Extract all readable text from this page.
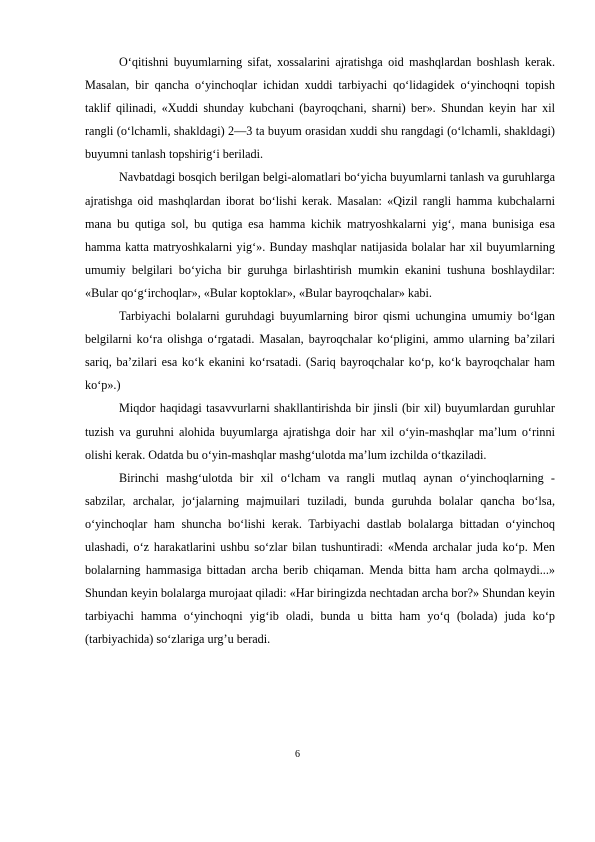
O‘qitishni buyumlarning sifat, xossalarini ajratishga oid mashqlardan boshlash kerak. Masalan, bir qancha o‘yinchoqlar ichidan xuddi tarbiyachi qo‘lidagidek o‘yinchoqni topish taklif qilinadi, «Xuddi shunday kubchani (bayroqchani, sharni) ber». Shundan keyin har xil rangli (o‘lchamli, shakldagi) 2—3 ta buyum orasidan xuddi shu rangdagi (o‘lchamli, shakldagi) buyumni tanlash topshirig‘i beriladi.

Navbatdagi bosqich berilgan belgi-alomatlari bo‘yicha buyumlarni tanlash va guruhlarga ajratishga oid mashqlardan iborat bo‘lishi kerak. Masalan: «Qizil rangli hamma kubchalarni mana bu qutiga sol, bu qutiga esa hamma kichik matryoshkalarni yig‘, mana bunisiga esa hamma katta matryoshkalarni yig‘». Bunday mashqlar natijasida bolalar har xil buyumlarning umumiy belgilari bo‘yicha bir guruhga birlashtirish mumkin ekanini tushuna boshlaydilar: «Bular qo‘g‘irchoqlar», «Bular koptoklar», «Bular bayroqchalar» kabi.

Tarbiyachi bolalarni guruhdagi buyumlarning biror qismi uchungina umumiy bo‘lgan belgilarni ko‘ra olishga o‘rgatadi. Masalan, bayroqchalar ko‘pligini, ammo ularning ba’zilari sariq, ba’zilari esa ko‘k ekanini ko‘rsatadi. (Sariq bayroqchalar ko‘p, ko‘k bayroqchalar ham ko‘p».)

Miqdor haqidagi tasavvurlarni shakllantirishda bir jinsli (bir xil) buyumlardan guruhlar tuzish va guruhni alohida buyumlarga ajratishga doir har xil o‘yin-mashqlar ma’lum o‘rinni olishi kerak. Odatda bu o‘yin-mashqlar mashg‘ulotda ma’lum izchilda o‘tkaziladi.

Birinchi mashg‘ulotda bir xil o‘lcham va rangli mutlaq aynan o‘yinchoqlarning - sabzilar, archalar, jo‘jalarning majmuilari tuziladi, bunda guruhda bolalar qancha bo‘lsa, o‘yinchoqlar ham shuncha bo‘lishi kerak. Tarbiyachi dastlab bolalarga bittadan o‘yinchoq ulashadi, o‘z harakatlarini ushbu so‘zlar bilan tushuntiradi: «Menda archalar juda ko‘p. Men bolalarning hammasiga bittadan archa berib chiqaman. Menda bitta ham archa qolmaydi...» Shundan keyin bolalarga murojaat qiladi: «Har biringizda nechtadan archa bor?» Shundan keyin tarbiyachi hamma o‘yinchoqni yig‘ib oladi, bunda u bitta ham yo‘q (bolada) juda ko‘p (tarbiyachida) so‘zlariga urg’u beradi.

6
